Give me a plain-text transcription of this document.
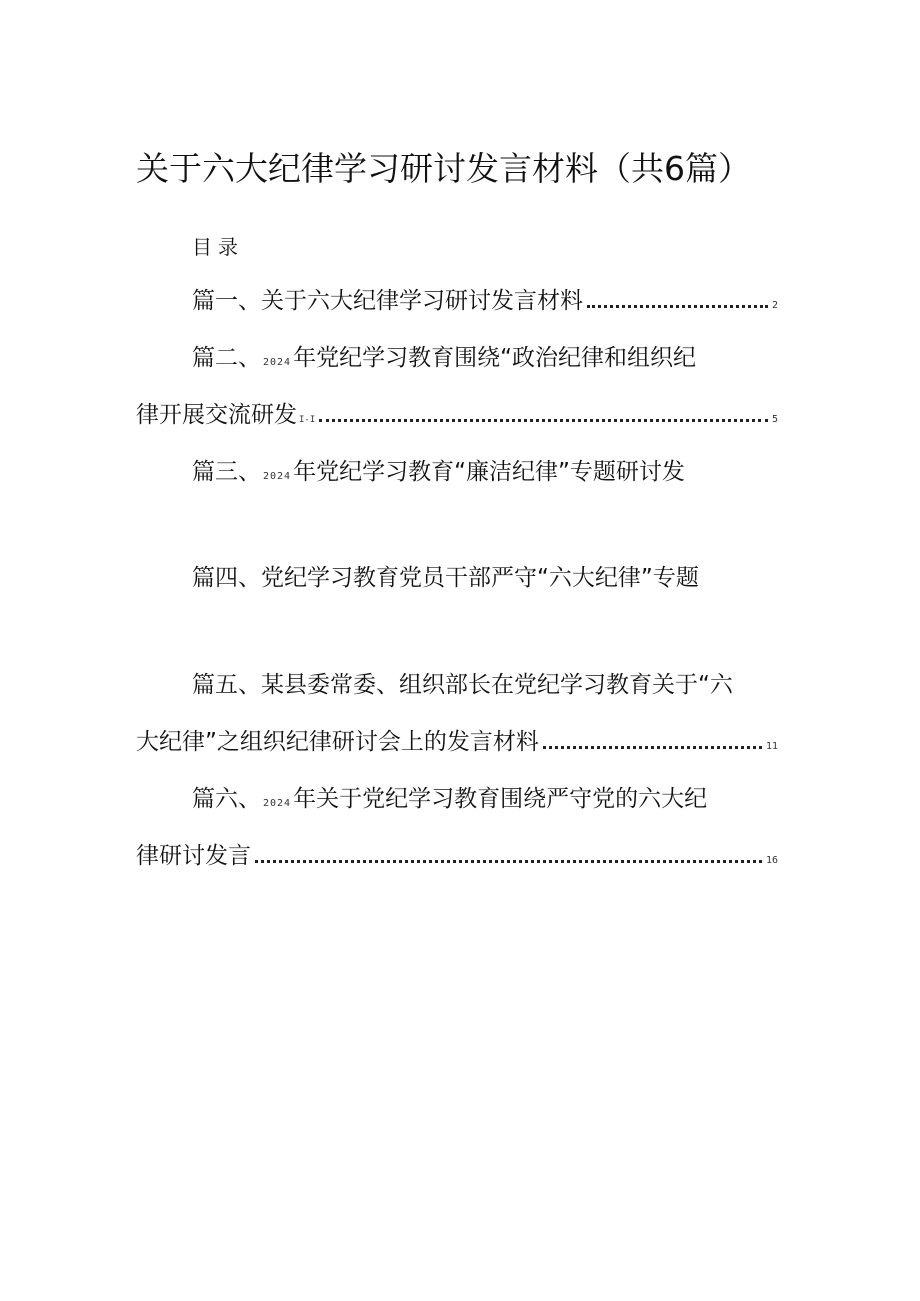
关于六大纪律学习研讨发言材料（共6篇）
目录
篇一、关于六大纪律学习研讨发言材料	2
篇二、 2024 年党纪学习教育围绕“政治纪律和组织纪
律开展交流研发 I-I	5
篇三、 2024 年党纪学习教育“廉洁纪律”专题研讨发
篇四、党纪学习教育党员干部严守“六大纪律”专题
篇五、某县委常委、组织部长在党纪学习教育关于“六
大纪律”之组织纪律研讨会上的发言材料	11
篇六、 2024 年关于党纪学习教育围绕严守党的六大纪
律研讨发言	16
